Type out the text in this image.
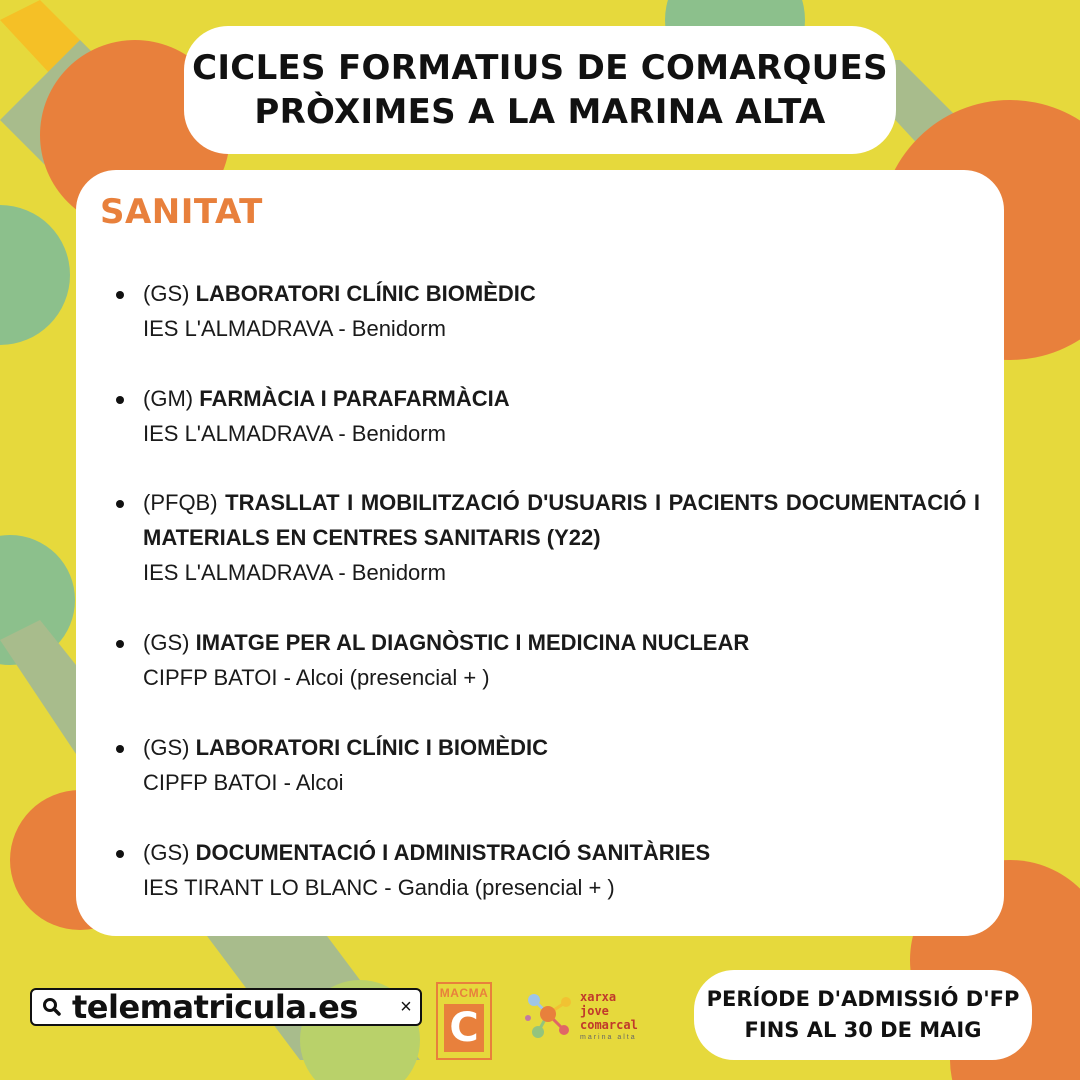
CICLES FORMATIUS DE COMARQUES
PRÒXIMES A LA MARINA ALTA
SANITAT
(GS) LABORATORI CLÍNIC BIOMÈDIC
IES L'ALMADRAVA - Benidorm
(GM) FARMÀCIA I PARAFARMÀCIA
IES L'ALMADRAVA - Benidorm
(PFQB) TRASLLAT I MOBILITZACIÓ D'USUARIS I PACIENTS DOCUMENTACIÓ I MATERIALS EN CENTRES SANITARIS (Y22)
IES L'ALMADRAVA - Benidorm
(GS) IMATGE PER AL DIAGNÒSTIC I MEDICINA NUCLEAR
CIPFP BATOI - Alcoi (presencial + )
(GS) LABORATORI CLÍNIC I BIOMÈDIC
CIPFP BATOI - Alcoi
(GS) DOCUMENTACIÓ I ADMINISTRACIÓ SANITÀRIES
IES TIRANT LO BLANC - Gandia (presencial + )
telematricula.es	×
MACMA
C
xarxa
jove
comarcal
marina alta
PERÍODE D'ADMISSIÓ D'FP
FINS AL 30 DE MAIG
